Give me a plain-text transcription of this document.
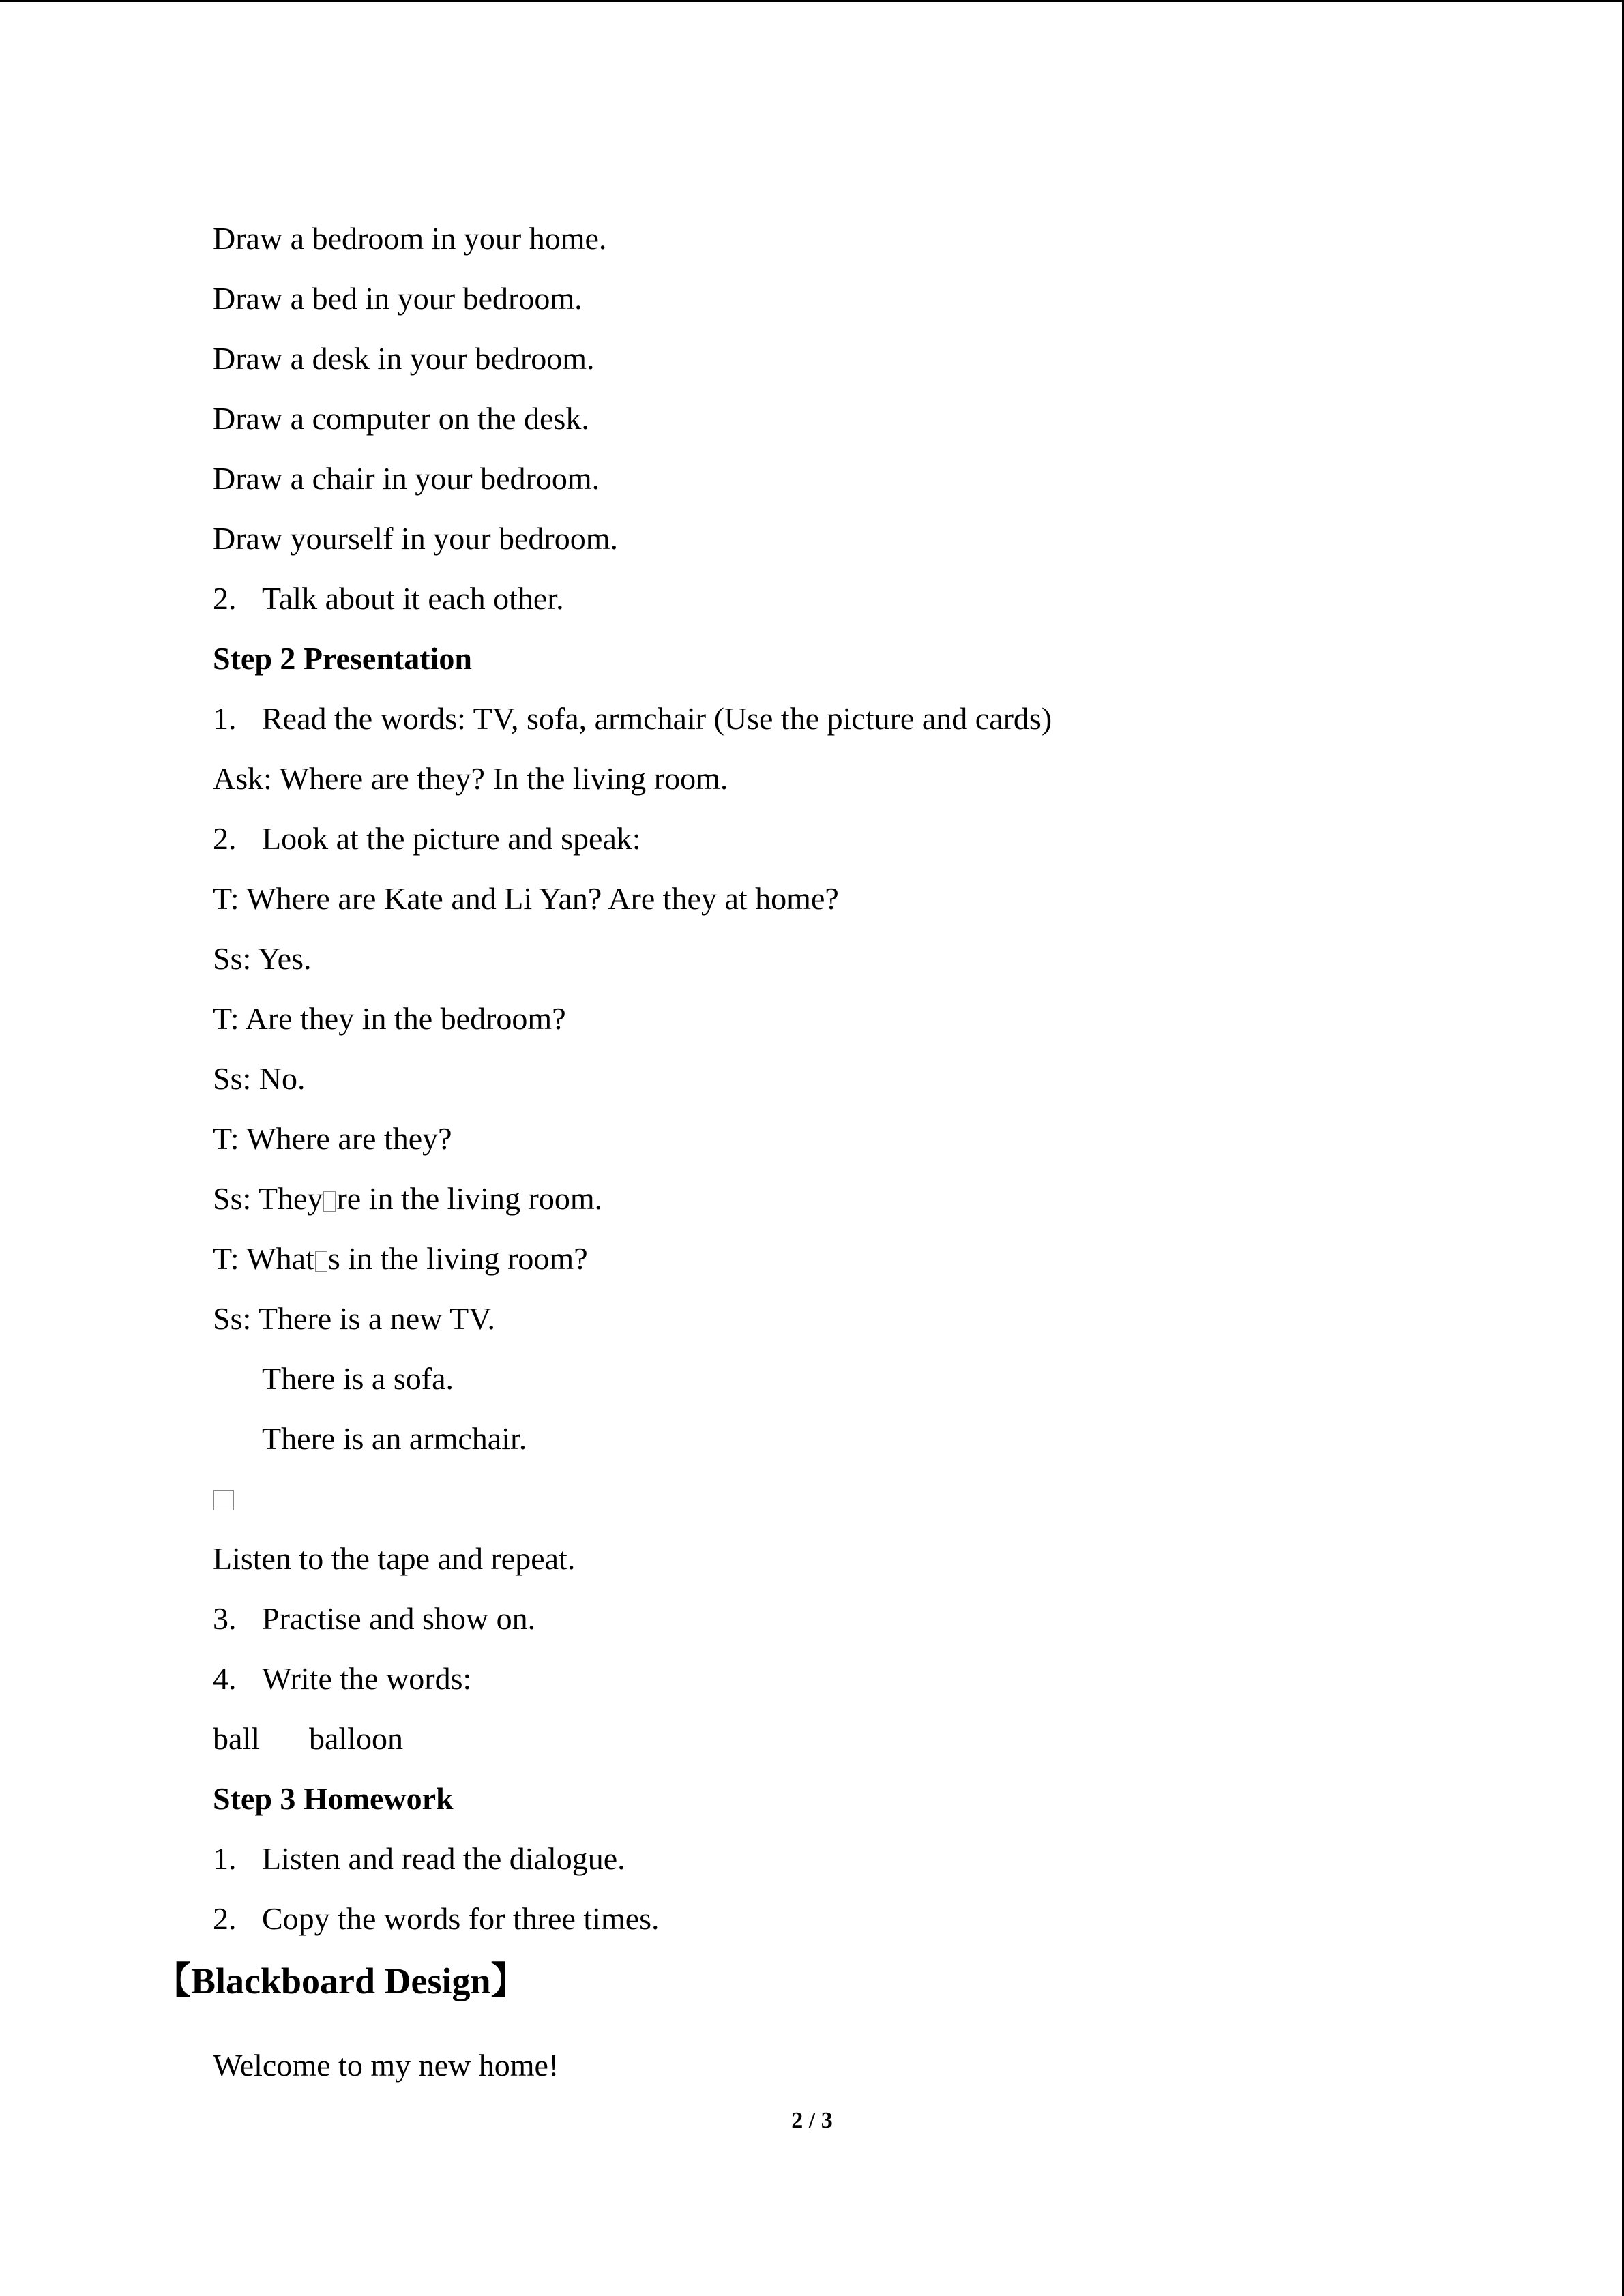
Draw a bedroom in your home.
Draw a bed in your bedroom.
Draw a desk in your bedroom.
Draw a computer on the desk.
Draw a chair in your bedroom.
Draw yourself in your bedroom.
2. Talk about it each other.
Step 2 Presentation
1. Read the words: TV, sofa, armchair (Use the picture and cards)
Ask: Where are they? In the living room.
2. Look at the picture and speak:
T: Where are Kate and Li Yan? Are they at home?
Ss: Yes.
T: Are they in the bedroom?
Ss: No.
T: Where are they?
Ss: They re in the living room.
T: What s in the living room?
Ss: There is a new TV.
There is a sofa.
There is an armchair.
Listen to the tape and repeat.
3. Practise and show on.
4. Write the words:
ball balloon
Step 3 Homework
1. Listen and read the dialogue.
2. Copy the words for three times.
【Blackboard Design】
Welcome to my new home!
2 / 3
